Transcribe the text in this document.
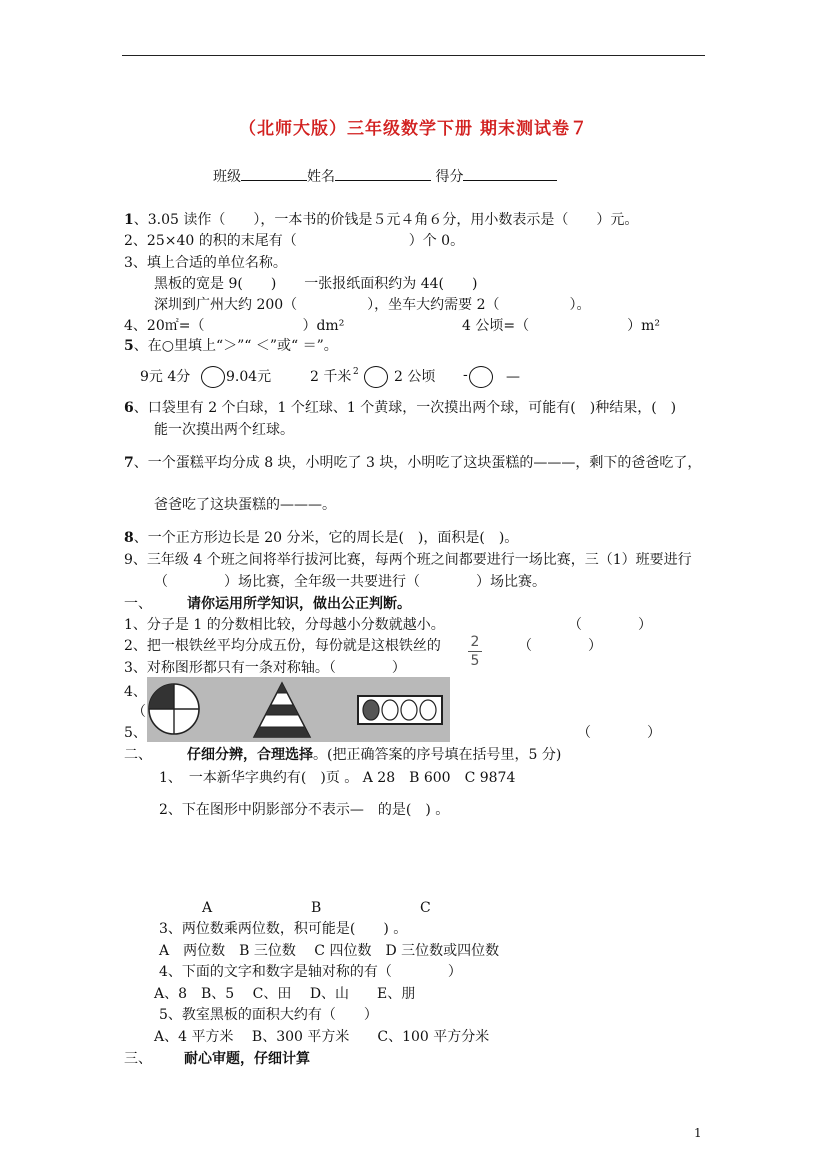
（北师大版）三年级数学下册 期末测试卷７
班级	姓名	得分
1、3.05 读作（　　），一本书的价钱是５元４角６分，用小数表示是（　　）元。
2、25×40 的积的末尾有（　　　　　　　　）个 0。
3、填上合适的单位名称。
黑板的宽是 9(　　)　　一张报纸面积约为 44(　　)
深圳到广州大约 200（　　　　　），坐车大约需要 2（　　　　　）。
4、20㎡=（　　　　　　　）dm²	4 公顷=（　　　　　　　）m²
5、在○里填上“＞”“ ＜”或“ ＝”。
9元 4分	9.04元	2 千米 2	2 公顷 -	—
6、口袋里有 2 个白球，1 个红球、1 个黄球，一次摸出两个球，可能有(　)种结果，(　)
能一次摸出两个红球。
7、一个蛋糕平均分成 8 块，小明吃了 3 块，小明吃了这块蛋糕的———，剩下的爸爸吃了，
爸爸吃了这块蛋糕的———。
8、一个正方形边长是 20 分米，它的周长是(　)，面积是(　)。
9、三年级 4 个班之间将举行拔河比赛，每两个班之间都要进行一场比赛，三（1）班要进行
（　　　　）场比赛，全年级一共要进行（　　　　）场比赛。
一、	请你运用所学知识，做出公正判断。
1、分子是 1 的分数相比较，分母越小分数就越小。	（　　　　）
2、把一根铁丝平均分成五份，每份就是这根铁丝的 2
5
（　　　　）
3、对称图形都只有一条对称轴。（　　　　）
4、
（
5、	（　　　　）
二、	仔细分辨，合理选择。(把正确答案的序号填在括号里，5 分)
1、　一本新华字典约有(　)页 。 A 28　B 600　C 9874
2、下在图形中阴影部分不表示—　的是(　) 。
A	B	C
3、两位数乘两位数，积可能是(　　) 。
A　两位数　B 三位数　 C 四位数　D 三位数或四位数
4、下面的文字和数字是轴对称的有（　　　　）
A、8　B、5　 C、田　 D、山　　E、朋
5、教室黑板的面积大约有（　　）
A、4 平方米　 B、300 平方米　　C、100 平方分米
三、 耐心审题，仔细计算
1
